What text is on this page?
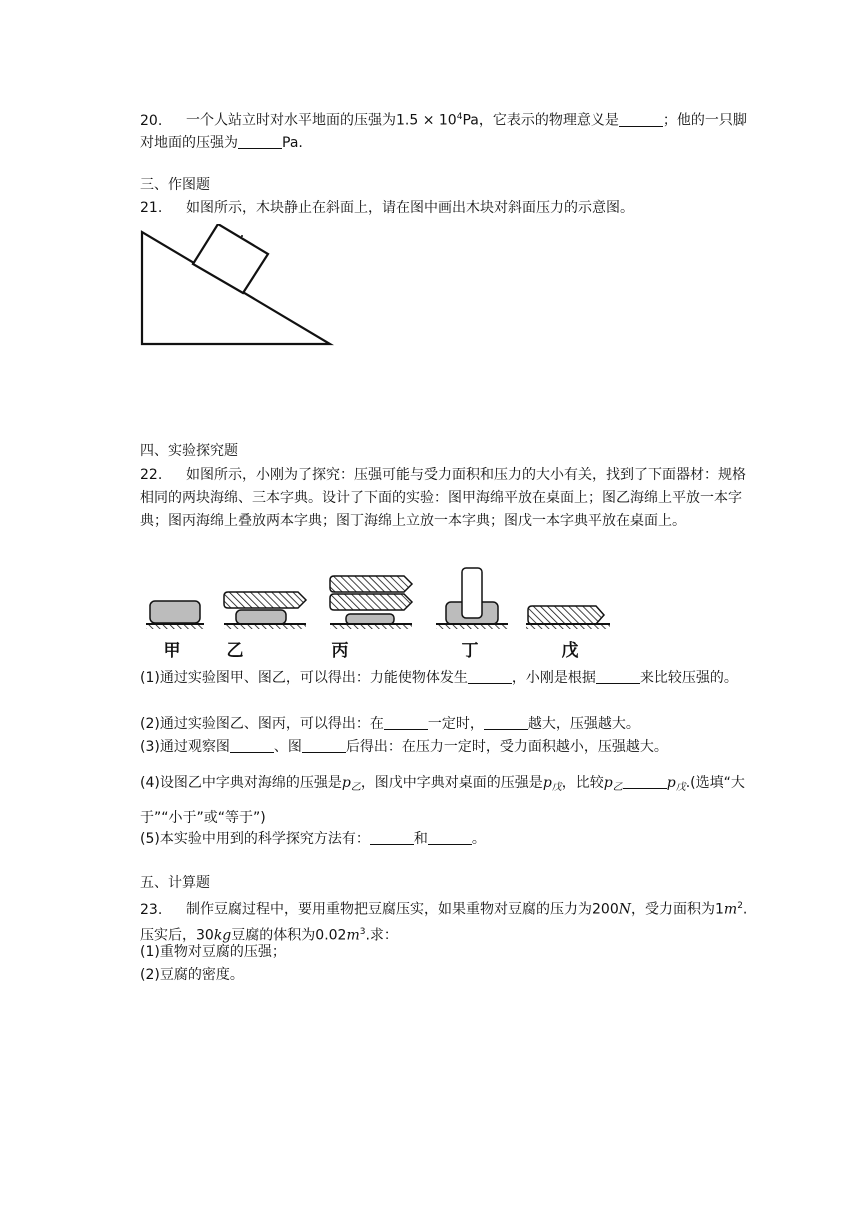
20. 一个人站立时对水平地面的压强为$1.5 \times 10^4Pa$，它表示的物理意义是	；他的一只脚对地面的压强为	Pa.
三、作图题
21. 如图所示，木块静止在斜面上，请在图中画出木块对斜面压力的示意图。
四、实验探究题
22. 如图所示，小刚为了探究：压强可能与受力面积和压力的大小有关，找到了下面器材：规格相同的两块海绵、三本字典。设计了下面的实验：图甲海绵平放在桌面上；图乙海绵上平放一本字典；图丙海绵上叠放两本字典；图丁海绵上立放一本字典；图戊一本字典平放在桌面上。
甲	乙	丙	丁	戊
(1)通过实验图甲、图乙，可以得出：力能使物体发生	，小刚是根据	来比较压强的。
(2)通过实验图乙、图丙，可以得出：在	一定时，	越大，压强越大。
(3)通过观察图	、图	后得出：在压力一定时，受力面积越小，压强越大。
(4)设图乙中字典对海绵的压强是$p_乙$，图戊中字典对桌面的压强是$p_戊$，比较$p_乙$	$p_戊$.(选填“大于”“小于”或“等于”)
(5)本实验中用到的科学探究方法有：	和	。
五、计算题
23. 制作豆腐过程中，要用重物把豆腐压实，如果重物对豆腐的压力为200N，受力面积为$1m^2$.压实后，30kg豆腐的体积为$0.02m^3$.求：
(1)重物对豆腐的压强；
(2)豆腐的密度。
